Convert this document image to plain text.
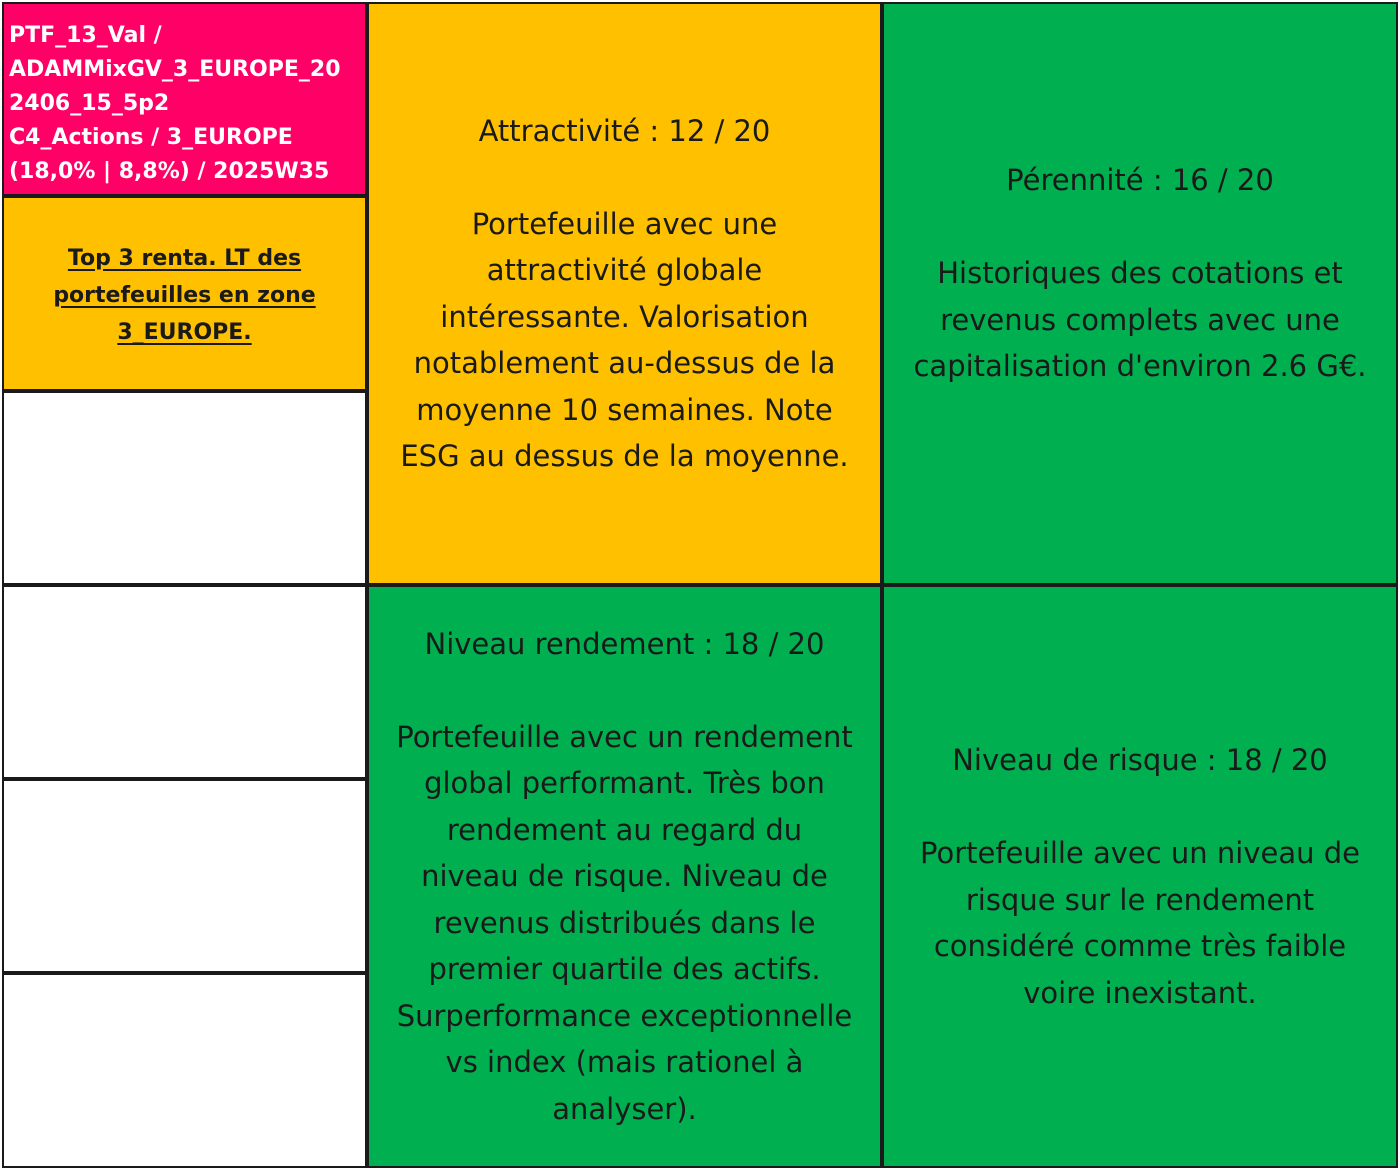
PTF_13_Val /
ADAMMixGV_3_EUROPE_20
2406_15_5p2
C4_Actions / 3_EUROPE
(18,0% | 8,8%) / 2025W35
Top 3 renta. LT des
portefeuilles en zone
3_EUROPE.
Attractivité : 12 / 20
Portefeuille avec une
attractivité globale
intéressante. Valorisation
notablement au-dessus de la
moyenne 10 semaines. Note
ESG au dessus de la moyenne.
Pérennité : 16 / 20
Historiques des cotations et
revenus complets avec une
capitalisation d'environ 2.6 G€.
Niveau rendement : 18 / 20
Portefeuille avec un rendement
global performant. Très bon
rendement au regard du
niveau de risque. Niveau de
revenus distribués dans le
premier quartile des actifs.
Surperformance exceptionnelle
vs index (mais rationel à
analyser).
Niveau de risque : 18 / 20
Portefeuille avec un niveau de
risque sur le rendement
considéré comme très faible
voire inexistant.
